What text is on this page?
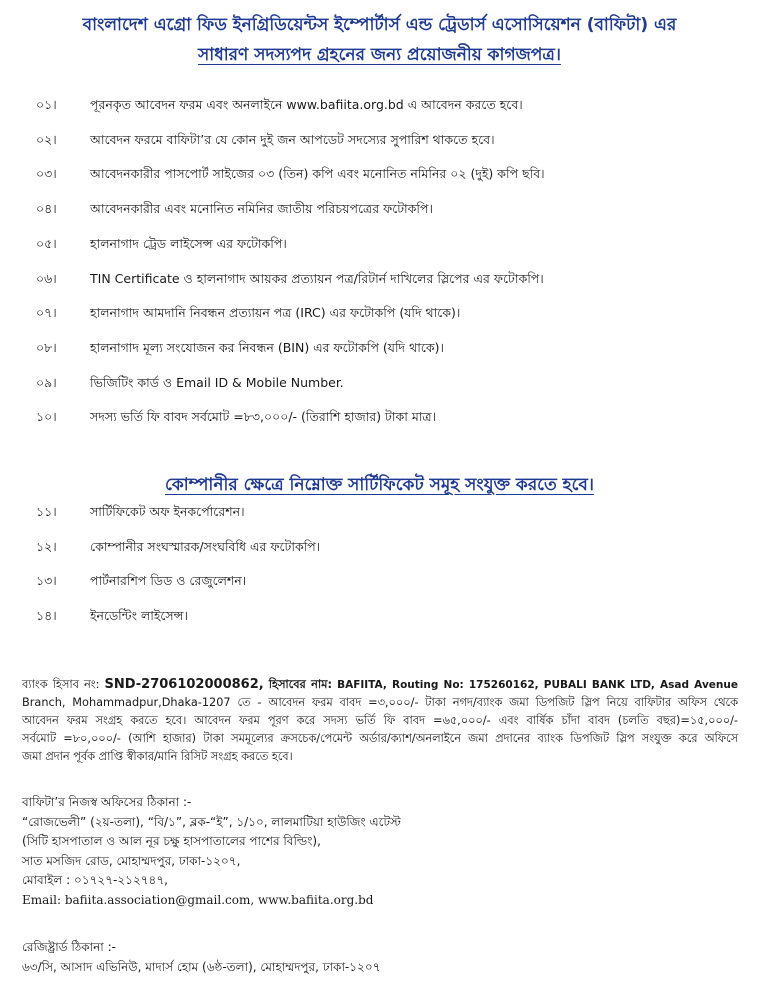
বাংলাদেশ এগ্রো ফিড ইনগ্রিডিয়েন্টস ইম্পোর্টার্স এন্ড ট্রেডার্স এসোসিয়েশন (বাফিটা) এর
সাধারণ সদস্যপদ গ্রহনের জন্য প্রয়োজনীয় কাগজপত্র।
০১।	পূরনকৃত আবেদন ফরম এবং অনলাইনে www.bafiita.org.bd এ আবেদন করতে হবে।
০২।	আবেদন ফরমে বাফিটা’র যে কোন দুই জন আপডেট সদস্যের সুপারিশ থাকতে হবে।
০৩।	আবেদনকারীর পাসপোর্ট সাইজের ০৩ (তিন) কপি এবং মনোনিত নমিনির ০২ (দুই) কপি ছবি।
০৪।	আবেদনকারীর এবং মনোনিত নমিনির জাতীয় পরিচয়পত্রের ফটোকপি।
০৫।	হালনাগাদ ট্রেড লাইসেন্স এর ফটোকপি।
০৬।	TIN Certificate ও হালনাগাদ আয়কর প্রত্যায়ন পত্র/রিটার্ন দাখিলের স্লিপের এর ফটোকপি।
০৭।	হালনাগাদ আমদানি নিবন্ধন প্রত্যায়ন পত্র (IRC) এর ফটোকপি (যদি থাকে)।
০৮।	হালনাগাদ মূল্য সংযোজন কর নিবন্ধন (BIN) এর ফটোকপি (যদি থাকে)।
০৯।	ভিজিটিং কার্ড ও Email ID & Mobile Number.
১০।	সদস্য ভর্তি ফি বাবদ সর্বমোট =৮৩,০০০/- (তিরাশি হাজার) টাকা মাত্র।
কোম্পানীর ক্ষেত্রে নিম্নোক্ত সার্টিফিকেট সমূহ সংযুক্ত করতে হবে।
১১।	সার্টিফিকেট অফ ইনকর্পোরেশন।
১২।	কোম্পানীর সংঘস্মারক/সংঘবিধি এর ফটোকপি।
১৩।	পার্টনারশিপ ডিড ও রেজুলেশন।
১৪।	ইনডেন্টিং লাইসেন্স।

ব্যাংক হিসাব নং: SND-2706102000862, হিসাবের নাম: BAFIITA, Routing No: 175260162, PUBALI BANK LTD, Asad Avenue

Branch, Mohammadpur,Dhaka-1207 তে - আবেদন ফরম বাবদ =৩,০০০/- টাকা নগদ/ব্যাংক জমা ডিপজিট স্লিপ নিয়ে বাফিটার অফিস থেকে

আবেদন ফরম সংগ্রহ করতে হবে। আবেদন ফরম পূরণ করে সদস্য ভর্তি ফি বাবদ =৬৫,০০০/- এবং বার্ষিক চাঁদা বাবদ (চলতি বছর)=১৫,০০০/-

সর্বমোট =৮০,০০০/- (আশি হাজার) টাকা সমমূল্যের ক্রসচেক/পেমেন্ট অর্ডার/ক্যাশ/অনলাইনে জমা প্রদানের ব্যাংক ডিপজিট স্লিপ সংযুক্ত করে অফিসে

জমা প্রদান পূর্বক প্রাপ্তি স্বীকার/মানি রিসিট সংগ্রহ করতে হবে।

বাফিটা’র নিজস্ব অফিসের ঠিকানা :-

“রোজভেলী” (২য়-তলা), “বি/১”, ব্লক-“ই”, ১/১০, লালমাটিয়া হাউজিং এটেস্ট

(সিটি হাসপাতাল ও আল নূর চক্ষু হাসপাতালের পাশের বিল্ডিং),

সাত মসজিদ রোড, মোহাম্মদপুর, ঢাকা-১২০৭,

মোবাইল : ০১৭২৭-২১২৭৪৭,

Email: bafiita.association@gmail.com, www.bafiita.org.bd

রেজিষ্ট্রার্ড ঠিকানা :-

৬৩/সি, আসাদ এভিনিউ, মাদার্স হোম (৬ষ্ঠ-তলা), মোহাম্মদপুর, ঢাকা-১২০৭
